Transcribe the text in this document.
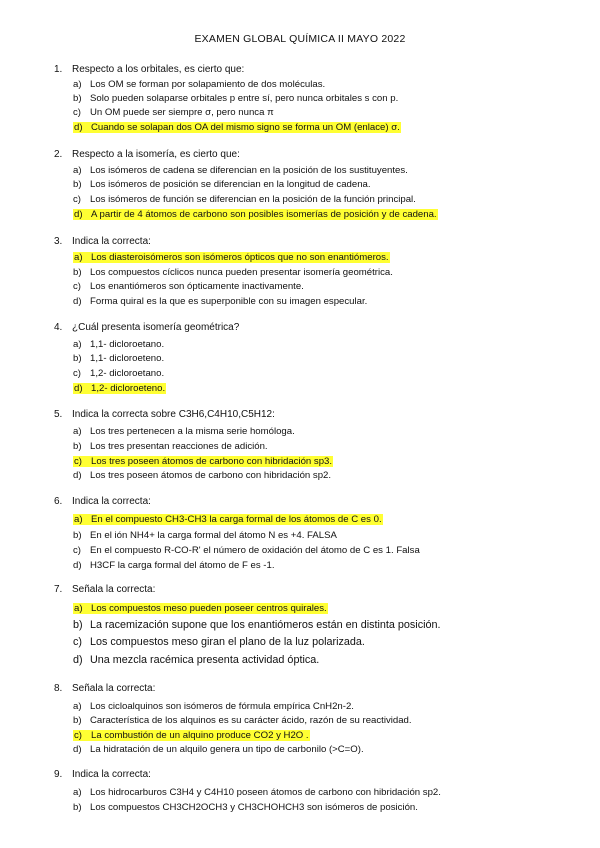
EXAMEN GLOBAL QUÍMICA II MAYO 2022
1. Respecto a los orbitales, es cierto que:
a) Los OM se forman por solapamiento de dos moléculas.
b) Solo pueden solaparse orbitales p entre sí, pero nunca orbitales s con p.
c) Un OM puede ser siempre σ, pero nunca π
d) Cuando se solapan dos OA del mismo signo se forma un OM (enlace) σ.
2. Respecto a la isomería, es cierto que:
a) Los isómeros de cadena se diferencian en la posición de los sustituyentes.
b) Los isómeros de posición se diferencian en la longitud de cadena.
c) Los isómeros de función se diferencian en la posición de la función principal.
d) A partir de 4 átomos de carbono son posibles isomerías de posición y de cadena.
3. Indica la correcta:
a) Los diasteroisómeros son isómeros ópticos que no son enantiómeros.
b) Los compuestos cíclicos nunca pueden presentar isomería geométrica.
c) Los enantiómeros son ópticamente inactivamente.
d) Forma quiral es la que es superponible con su imagen especular.
4. ¿Cuál presenta isomería geométrica?
a) 1,1- dicloroetano.
b) 1,1- dicloroeteno.
c) 1,2- dicloroetano.
d) 1,2- dicloroeteno.
5. Indica la correcta sobre C3H6,C4H10,C5H12:
a) Los tres pertenecen a la misma serie homóloga.
b) Los tres presentan reacciones de adición.
c) Los tres poseen átomos de carbono con hibridación sp3.
d) Los tres poseen átomos de carbono con hibridación sp2.
6. Indica la correcta:
a) En el compuesto CH3-CH3 la carga formal de los átomos de C es 0.
b) En el ión NH4+ la carga formal del átomo N es +4. FALSA
c) En el compuesto R-CO-R' el número de oxidación del átomo de C es 1. Falsa
d) H3CF la carga formal del átomo de F es -1.
7. Señala la correcta:
a) Los compuestos meso pueden poseer centros quirales.
b) La racemización supone que los enantiómeros están en distinta posición.
c) Los compuestos meso giran el plano de la luz polarizada.
d) Una mezcla racémica presenta actividad óptica.
8. Señala la correcta:
a) Los cicloalquinos son isómeros de fórmula empírica CnH2n-2.
b) Característica de los alquinos es su carácter ácido, razón de su reactividad.
c) La combustión de un alquino produce CO2 y H2O .
d) La hidratación de un alquilo genera un tipo de carbonilo (>C=O).
9. Indica la correcta:
a) Los hidrocarburos C3H4 y C4H10 poseen átomos de carbono con hibridación sp2.
b) Los compuestos CH3CH2OCH3 y CH3CHOHCH3 son isómeros de posición.
